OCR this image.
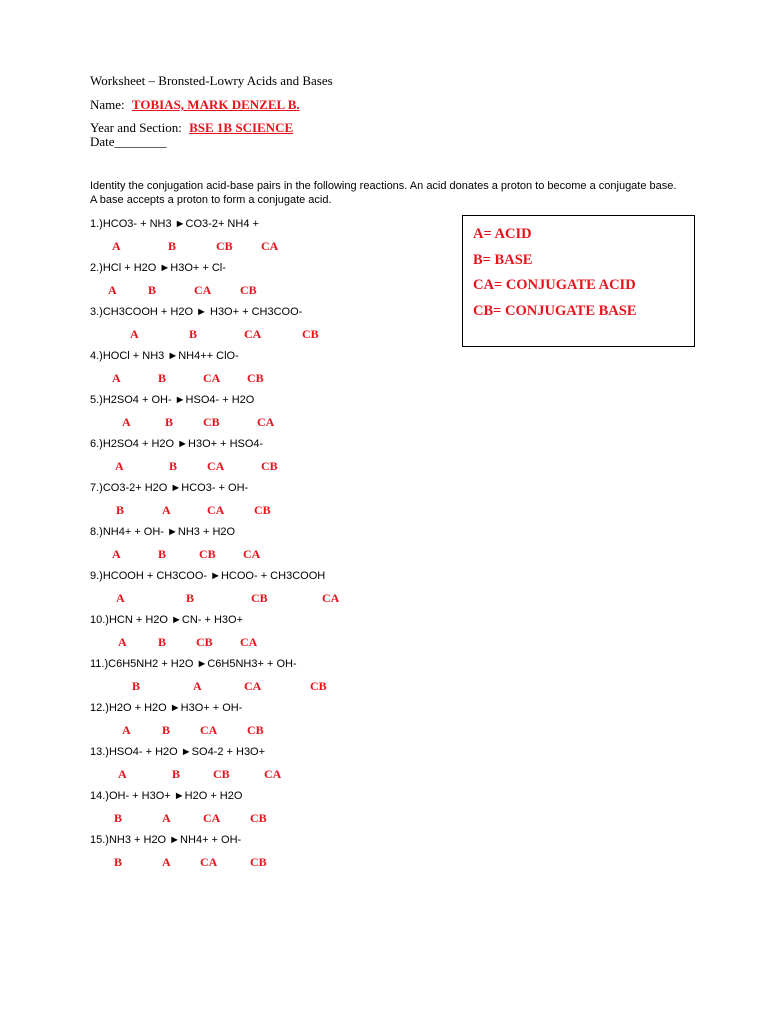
Worksheet – Bronsted-Lowry Acids and Bases
Name: TOBIAS, MARK DENZEL B.
Year and Section: BSE 1B SCIENCE
Date________
Identity the conjugation acid-base pairs in the following reactions. An acid donates a proton to become a conjugate base. A base accepts a proton to form a conjugate acid.
A= ACID
B= BASE
CA= CONJUGATE ACID
CB= CONJUGATE BASE
1.)HCO3- + NH3 ►CO3-2+ NH4 +
A	B	CB CA
2.)HCl + H2O ►H3O+ + Cl-
A	B	CA CB
3.)CH3COOH + H2O ► H3O+ + CH3COO-
A	B	CA	CB
4.)HOCl + NH3 ►NH4++ ClO-
A	B	CA CB
5.)H2SO4 + OH- ►HSO4- + H2O
A	B CB	CA
6.)H2SO4 + H2O ►H3O+ + HSO4-
A	B CA	CB
7.)CO3-2+ H2O ►HCO3- + OH-
B	A	CA CB
8.)NH4+ + OH- ►NH3 + H2O
A	B	CB CA
9.)HCOOH + CH3COO- ►HCOO- + CH3COOH
A	B	CB	CA
10.)HCN + H2O ►CN- + H3O+
A	B CB CA
11.)C6H5NH2 + H2O ►C6H5NH3+ + OH-
B	A	CA	CB
12.)H2O + H2O ►H3O+ + OH-
A	B CA CB
13.)HSO4- + H2O ►SO4-2 + H3O+
A	B	CB	CA
14.)OH- + H3O+ ►H2O + H2O
B	A	CA CB
15.)NH3 + H2O ►NH4+ + OH-
B	A CA	CB
